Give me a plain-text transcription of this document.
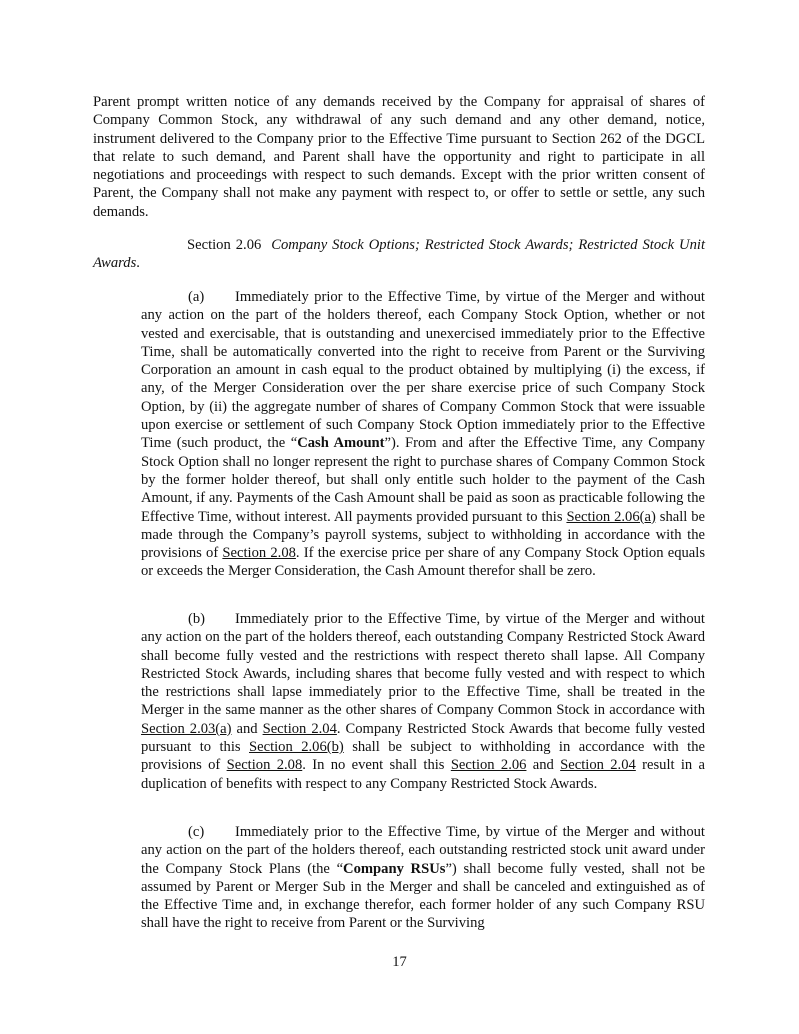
Parent prompt written notice of any demands received by the Company for appraisal of shares of Company Common Stock, any withdrawal of any such demand and any other demand, notice, instrument delivered to the Company prior to the Effective Time pursuant to Section 262 of the DGCL that relate to such demand, and Parent shall have the opportunity and right to participate in all negotiations and proceedings with respect to such demands. Except with the prior written consent of Parent, the Company shall not make any payment with respect to, or offer to settle or settle, any such demands.

Section 2.06 Company Stock Options; Restricted Stock Awards; Restricted Stock Unit Awards.

(a) Immediately prior to the Effective Time, by virtue of the Merger and without any action on the part of the holders thereof, each Company Stock Option, whether or not vested and exercisable, that is outstanding and unexercised immediately prior to the Effective Time, shall be automatically converted into the right to receive from Parent or the Surviving Corporation an amount in cash equal to the product obtained by multiplying (i) the excess, if any, of the Merger Consideration over the per share exercise price of such Company Stock Option, by (ii) the aggregate number of shares of Company Common Stock that were issuable upon exercise or settlement of such Company Stock Option immediately prior to the Effective Time (such product, the “Cash Amount”). From and after the Effective Time, any Company Stock Option shall no longer represent the right to purchase shares of Company Common Stock by the former holder thereof, but shall only entitle such holder to the payment of the Cash Amount, if any. Payments of the Cash Amount shall be paid as soon as practicable following the Effective Time, without interest. All payments provided pursuant to this Section 2.06(a) shall be made through the Company’s payroll systems, subject to withholding in accordance with the provisions of Section 2.08. If the exercise price per share of any Company Stock Option equals or exceeds the Merger Consideration, the Cash Amount therefor shall be zero.

(b) Immediately prior to the Effective Time, by virtue of the Merger and without any action on the part of the holders thereof, each outstanding Company Restricted Stock Award shall become fully vested and the restrictions with respect thereto shall lapse. All Company Restricted Stock Awards, including shares that become fully vested and with respect to which the restrictions shall lapse immediately prior to the Effective Time, shall be treated in the Merger in the same manner as the other shares of Company Common Stock in accordance with Section 2.03(a) and Section 2.04. Company Restricted Stock Awards that become fully vested pursuant to this Section 2.06(b) shall be subject to withholding in accordance with the provisions of Section 2.08. In no event shall this Section 2.06 and Section 2.04 result in a duplication of benefits with respect to any Company Restricted Stock Awards.

(c) Immediately prior to the Effective Time, by virtue of the Merger and without any action on the part of the holders thereof, each outstanding restricted stock unit award under the Company Stock Plans (the “Company RSUs”) shall become fully vested, shall not be assumed by Parent or Merger Sub in the Merger and shall be canceled and extinguished as of the Effective Time and, in exchange therefor, each former holder of any such Company RSU shall have the right to receive from Parent or the Surviving

17
